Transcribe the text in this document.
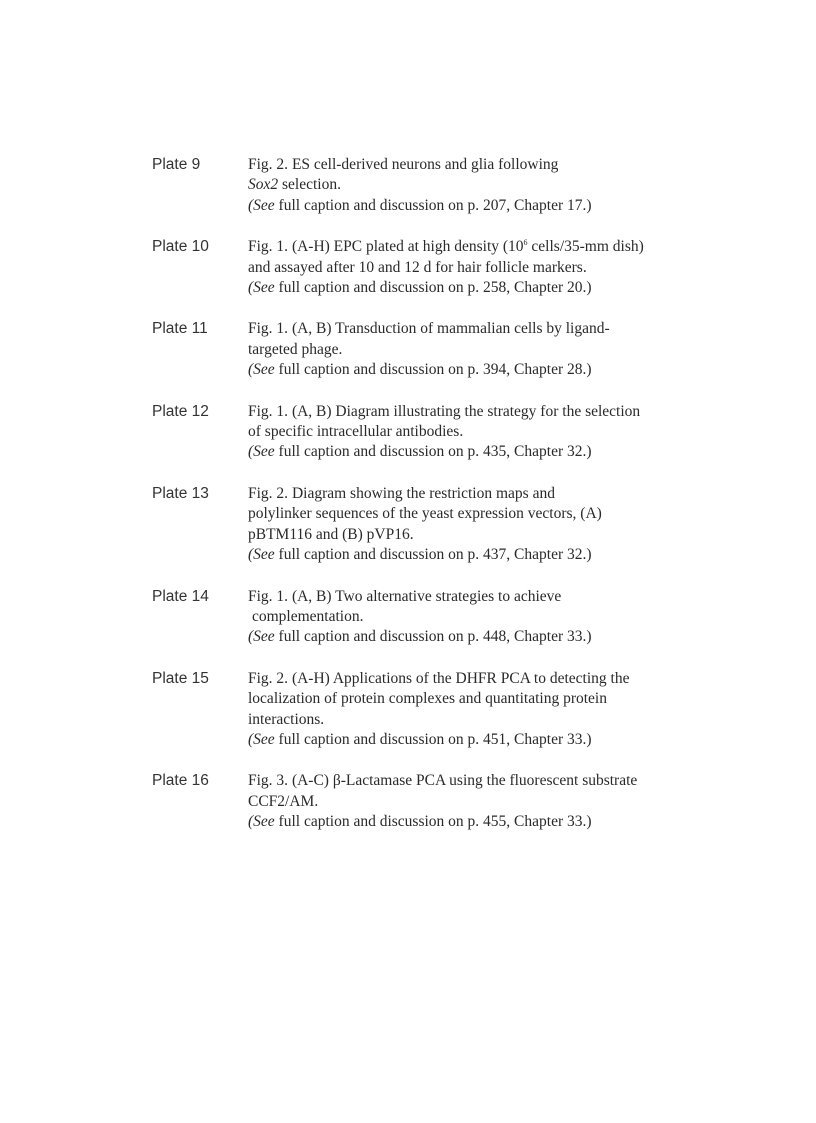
Plate 9	Fig. 2. ES cell-derived neurons and glia following
Sox2 selection.
(See full caption and discussion on p. 207, Chapter 17.)
Plate 10	Fig. 1. (A-H) EPC plated at high density ($10^6$ cells/35-mm dish)
and assayed after 10 and 12 d for hair follicle markers.
(See full caption and discussion on p. 258, Chapter 20.)
Plate 11	Fig. 1. (A, B) Transduction of mammalian cells by ligand-
targeted phage.
(See full caption and discussion on p. 394, Chapter 28.)
Plate 12	Fig. 1. (A, B) Diagram illustrating the strategy for the selection
of specific intracellular antibodies.
(See full caption and discussion on p. 435, Chapter 32.)
Plate 13	Fig. 2. Diagram showing the restriction maps and
polylinker sequences of the yeast expression vectors, (A)
pBTM116 and (B) pVP16.
(See full caption and discussion on p. 437, Chapter 32.)
Plate 14	Fig. 1. (A, B) Two alternative strategies to achieve
complementation.
(See full caption and discussion on p. 448, Chapter 33.)
Plate 15	Fig. 2. (A-H) Applications of the DHFR PCA to detecting the
localization of protein complexes and quantitating protein
interactions.
(See full caption and discussion on p. 451, Chapter 33.)
Plate 16	Fig. 3. (A-C) β-Lactamase PCA using the fluorescent substrate
CCF2/AM.
(See full caption and discussion on p. 455, Chapter 33.)
